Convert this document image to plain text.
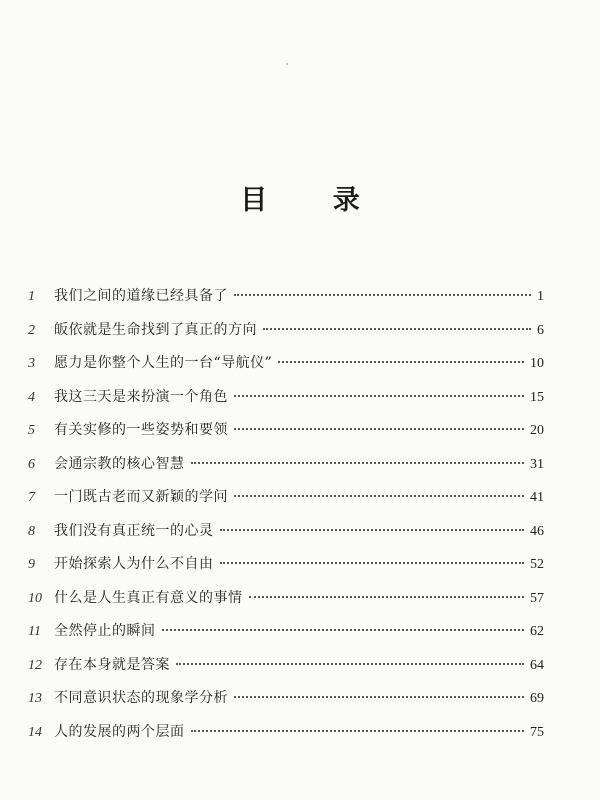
目 录
1	我们之间的道缘已经具备了	1
2	皈依就是生命找到了真正的方向	6
3	愿力是你整个人生的一台“导航仪”	10
4	我这三天是来扮演一个角色	15
5	有关实修的一些姿势和要领	20
6	会通宗教的核心智慧	31
7	一门既古老而又新颖的学问	41
8	我们没有真正统一的心灵	46
9	开始探索人为什么不自由	52
10 什么是人生真正有意义的事情	57
11 全然停止的瞬间	62
12 存在本身就是答案	64
13 不同意识状态的现象学分析	69
14 人的发展的两个层面	75
